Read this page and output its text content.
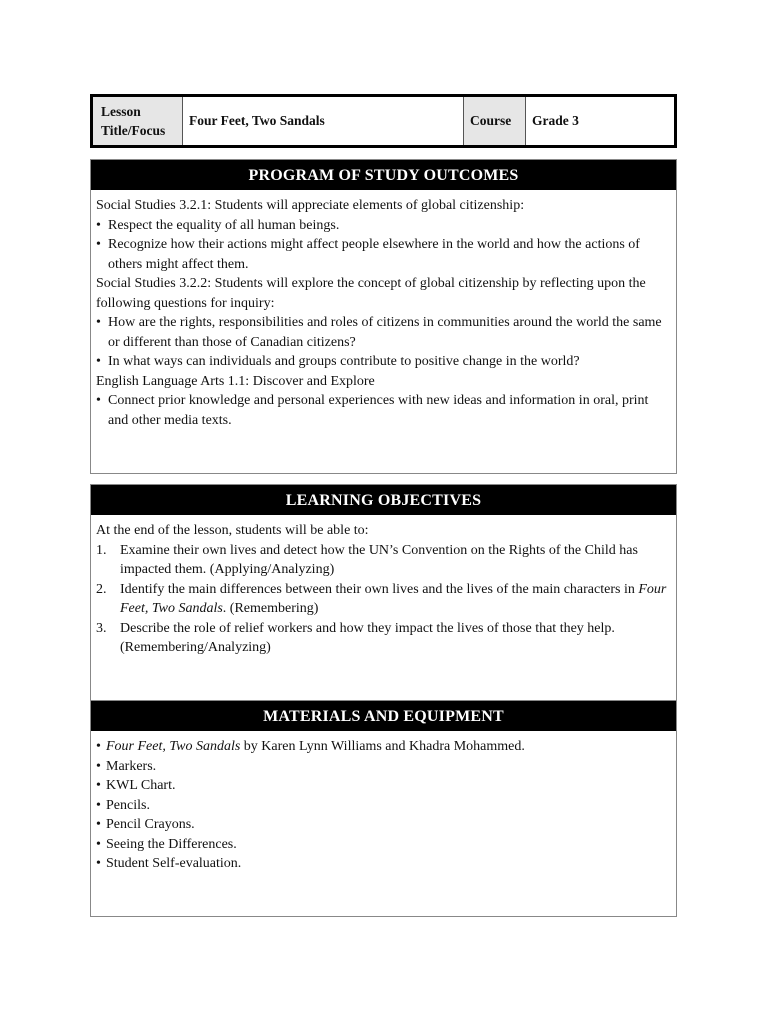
Lesson
Title/Focus
Four Feet, Two Sandals	Course	Grade 3
PROGRAM OF STUDY OUTCOMES

Social Studies 3.2.1: Students will appreciate elements of global citizenship:

• Respect the equality of all human beings.

• Recognize how their actions might affect people elsewhere in the world and how the actions of others might affect them.

Social Studies 3.2.2: Students will explore the concept of global citizenship by reflecting upon the following questions for inquiry:

• How are the rights, responsibilities and roles of citizens in communities around the world the same or different than those of Canadian citizens?

• In what ways can individuals and groups contribute to positive change in the world?

English Language Arts 1.1: Discover and Explore

• Connect prior knowledge and personal experiences with new ideas and information in oral, print and other media texts.

LEARNING OBJECTIVES

At the end of the lesson, students will be able to:

1. Examine their own lives and detect how the UN’s Convention on the Rights of the Child has impacted them. (Applying/Analyzing)

2. Identify the main differences between their own lives and the lives of the main characters in Four Feet, Two Sandals. (Remembering)

3. Describe the role of relief workers and how they impact the lives of those that they help. (Remembering/Analyzing)

MATERIALS AND EQUIPMENT

• Four Feet, Two Sandals by Karen Lynn Williams and Khadra Mohammed.

• Markers.

• KWL Chart.

• Pencils.

• Pencil Crayons.

• Seeing the Differences.

• Student Self-evaluation.
